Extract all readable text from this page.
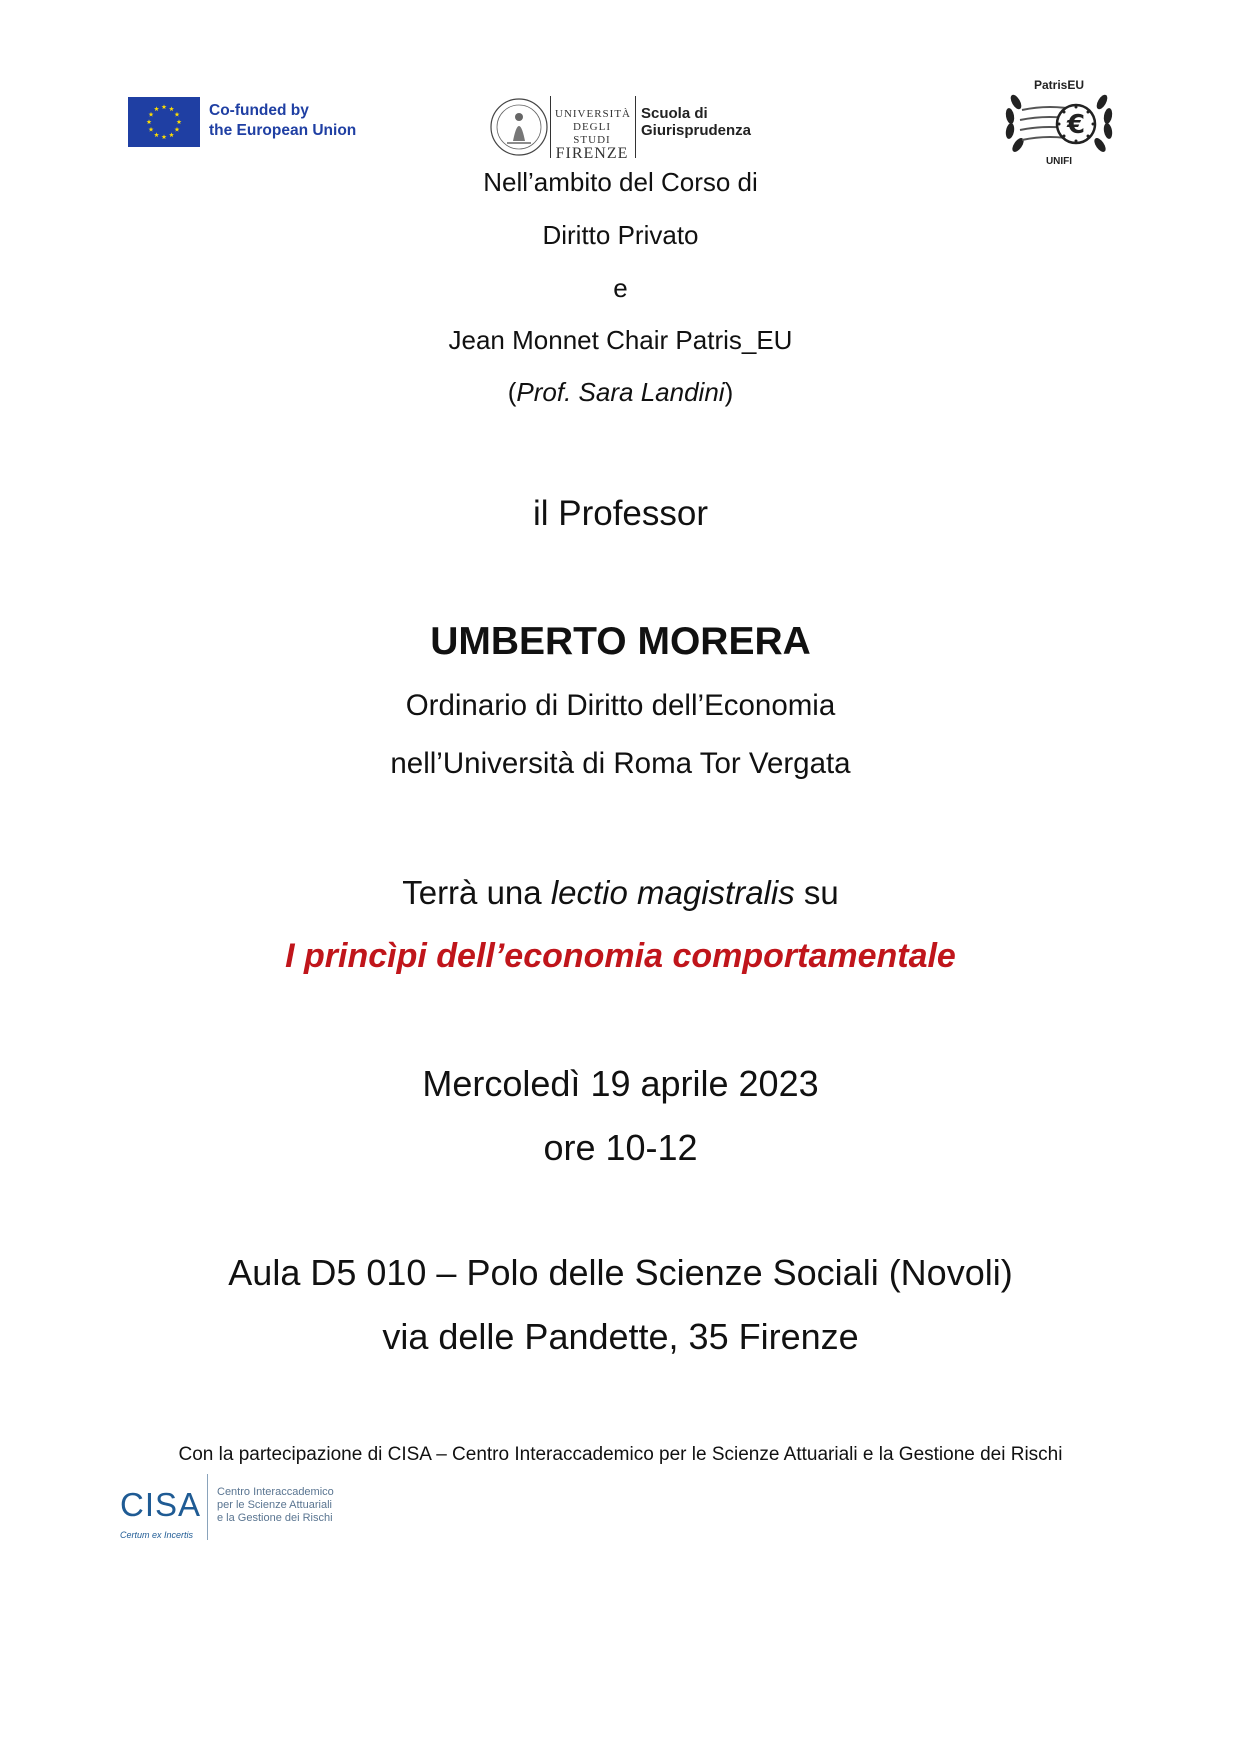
Co-funded by
the European Union
UNIVERSITÀ
DEGLI STUDI
FIRENZE
Scuola di
Giurisprudenza	€
PatrisEU
UNIFI
Nell’ambito del Corso di
Diritto Privato
e
Jean Monnet Chair Patris_EU
(Prof. Sara Landini)
il Professor
UMBERTO MORERA
Ordinario di Diritto dell’Economia
nell’Università di Roma Tor Vergata
Terrà una lectio magistralis su
I princìpi dell’economia comportamentale
Mercoledì 19 aprile 2023
ore 10-12
Aula D5 010 – Polo delle Scienze Sociali (Novoli)
via delle Pandette, 35 Firenze
Con la partecipazione di CISA – Centro Interaccademico per le Scienze Attuariali e la Gestione dei Rischi
CISA
Certum ex Incertis
Centro Interaccademico
per le Scienze Attuariali
e la Gestione dei Rischi
